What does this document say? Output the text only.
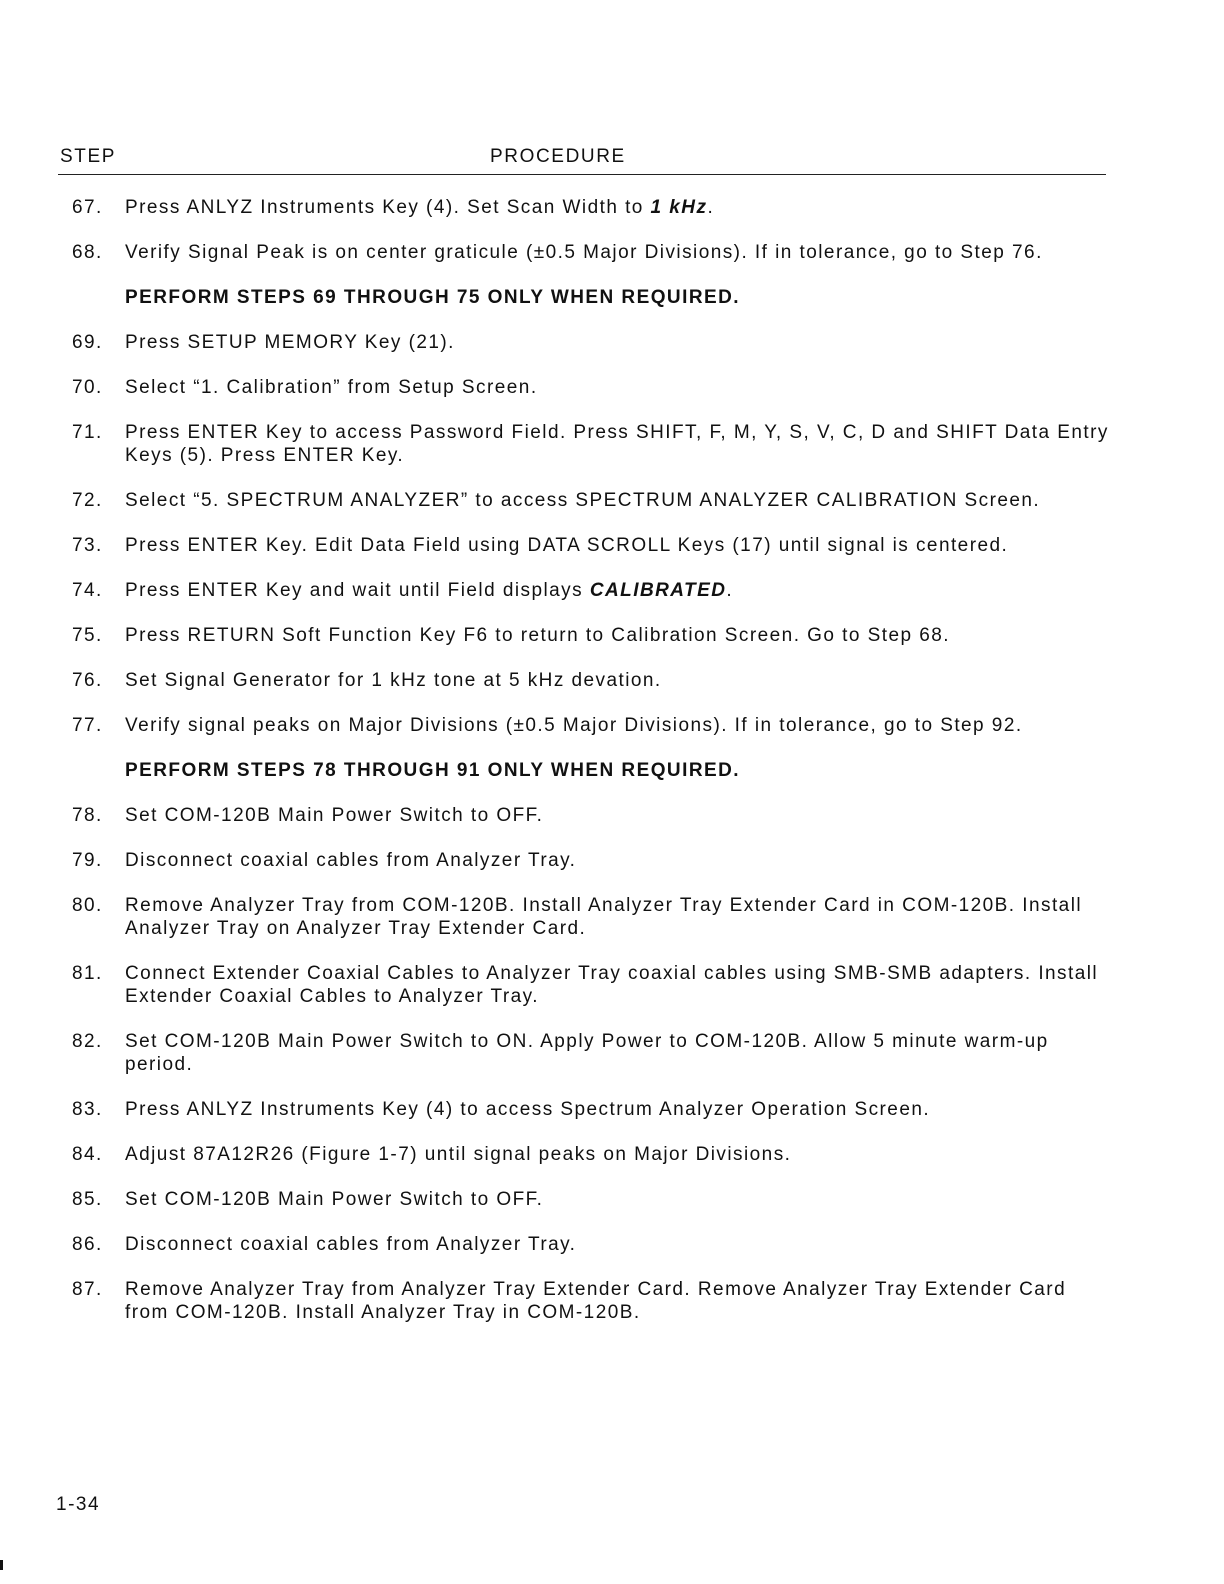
STEP	PROCEDURE
67. Press ANLYZ Instruments Key (4). Set Scan Width to 1 kHz.
68. Verify Signal Peak is on center graticule (±0.5 Major Divisions). If in tolerance, go to Step 76.
PERFORM STEPS 69 THROUGH 75 ONLY WHEN REQUIRED.
69. Press SETUP MEMORY Key (21).
70. Select “1. Calibration” from Setup Screen.
71. Press ENTER Key to access Password Field. Press SHIFT, F, M, Y, S, V, C, D and SHIFT Data Entry Keys (5). Press ENTER Key.
72. Select “5. SPECTRUM ANALYZER” to access SPECTRUM ANALYZER CALIBRATION Screen.
73. Press ENTER Key. Edit Data Field using DATA SCROLL Keys (17) until signal is centered.
74. Press ENTER Key and wait until Field displays CALIBRATED.
75. Press RETURN Soft Function Key F6 to return to Calibration Screen. Go to Step 68.
76. Set Signal Generator for 1 kHz tone at 5 kHz devation.
77. Verify signal peaks on Major Divisions (±0.5 Major Divisions). If in tolerance, go to Step 92.
PERFORM STEPS 78 THROUGH 91 ONLY WHEN REQUIRED.
78. Set COM-120B Main Power Switch to OFF.
79. Disconnect coaxial cables from Analyzer Tray.
80. Remove Analyzer Tray from COM-120B. Install Analyzer Tray Extender Card in COM-120B. Install Analyzer Tray on Analyzer Tray Extender Card.
81. Connect Extender Coaxial Cables to Analyzer Tray coaxial cables using SMB-SMB adapters. Install Extender Coaxial Cables to Analyzer Tray.
82. Set COM-120B Main Power Switch to ON. Apply Power to COM-120B. Allow 5 minute warm-up period.
83. Press ANLYZ Instruments Key (4) to access Spectrum Analyzer Operation Screen.
84. Adjust 87A12R26 (Figure 1-7) until signal peaks on Major Divisions.
85. Set COM-120B Main Power Switch to OFF.
86. Disconnect coaxial cables from Analyzer Tray.
87. Remove Analyzer Tray from Analyzer Tray Extender Card. Remove Analyzer Tray Extender Card from COM-120B. Install Analyzer Tray in COM-120B.
1-34
